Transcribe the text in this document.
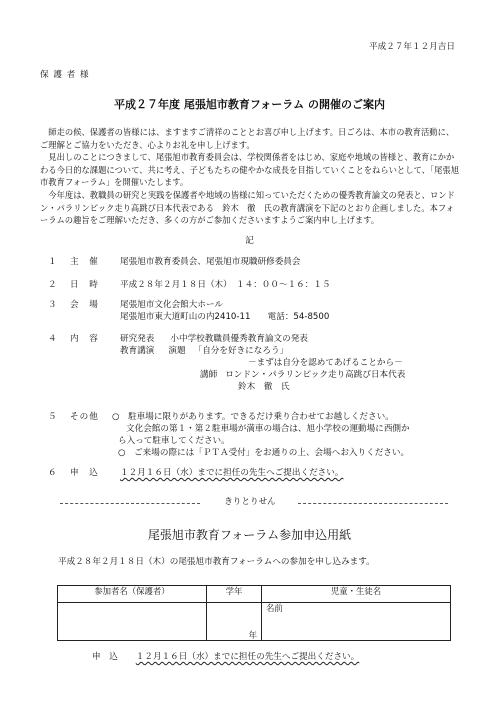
平成２７年１２月吉日
保 護 者 様
平成２７年度 尾張旭市教育フォーラム の開催のご案内
師走の候、保護者の皆様には、ますますご清祥のこととお喜び申し上げます。日ごろは、本市の教育活動に、ご理解とご協力をいただき、心よりお礼を申し上げます。
見出しのことにつきまして、尾張旭市教育委員会は、学校関係者をはじめ、家庭や地域の皆様と、教育にかかわる今日的な課題について、共に考え、子どもたちの健やかな成長を目指していくことをねらいとして、「尾張旭市教育フォーラム」を開催いたします。
今年度は、教職員の研究と実践を保護者や地域の皆様に知っていただくための優秀教育論文の発表と、ロンドン・パラリンピック走り高跳び日本代表である　鈴木　徹　氏の教育講演を下記のとおり企画しました。本フォーラムの趣旨をご理解いただき、多くの方がご参加くださいますようご案内申し上げます。
記
１ 主　催 尾張旭市教育委員会、尾張旭市現職研修委員会
２ 日　時 平成２８年２月１８日（木）　１４：００～１６：１５
３ 会　場 尾張旭市文化会館大ホール
尾張旭市東大道町山の内2410-11　　電話：54-8500
４ 内　容 研究発表 小中学校教職員優秀教育論文の発表
教育講演 演題 「自分を好きになろう」
－まずは自分を認めてあげることから－
講師 ロンドン・パラリンピック走り高跳び日本代表
鈴木　徹　氏
５ その他 ○　駐車場に限りがあります。できるだけ乗り合わせてお越しください。
文化会館の第１・第２駐車場が満車の場合は、旭小学校の運動場に西側か
ら入って駐車してください。
○　ご来場の際には「ＰＴＡ受付」をお通りの上、会場へお入りください。
６ 申　込 １２月１６日（水）までに担任の先生へご提出ください。
きりとりせん
尾張旭市教育フォーラム参加申込用紙
平成２８年２月１８日（木）の尾張旭市教育フォーラムへの参加を申し込みます。
参加者名（保護者）	学年	児童・生徒名
	年	名前
申　込 １２月１６日（水）までに担任の先生へご提出ください。
